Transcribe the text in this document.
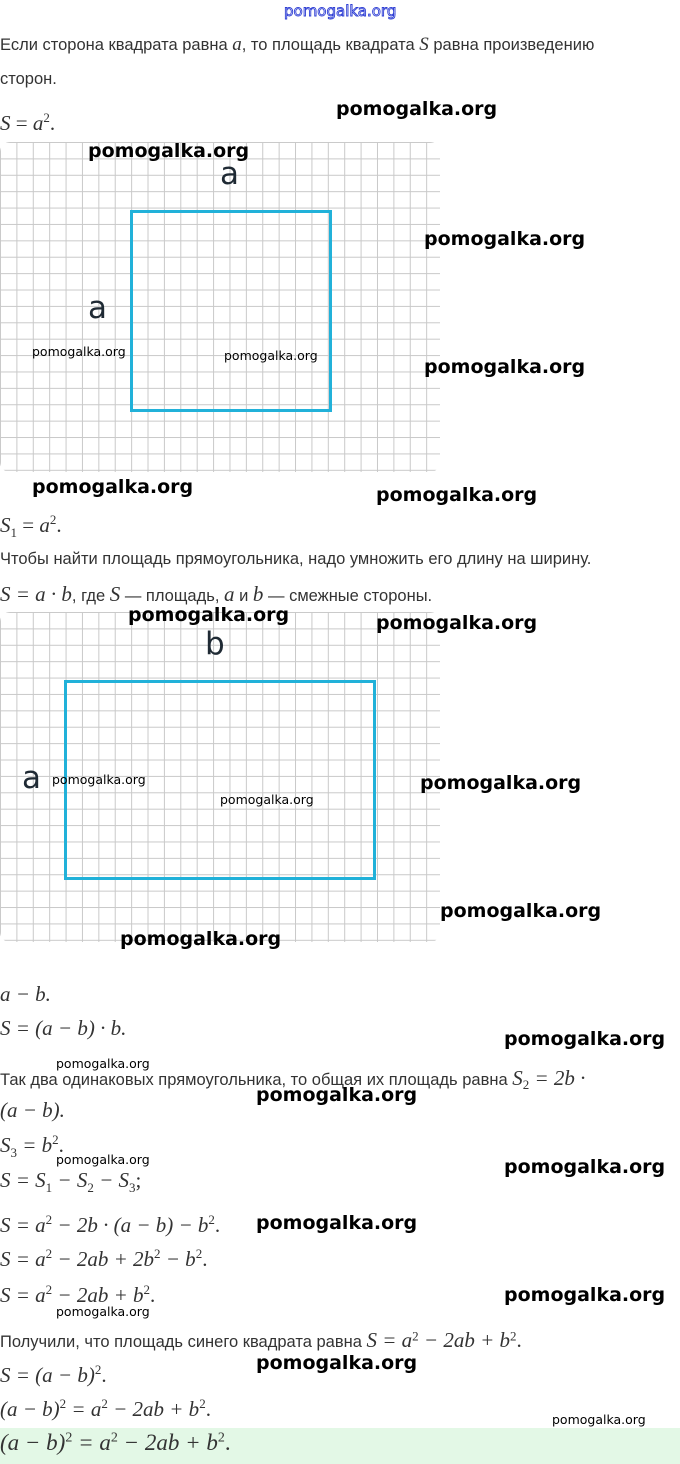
pomogalka.org
Если сторона квадрата равна a, то площадь квадрата S равна произведению
сторон.
$S = a^2$.
a
a
$S_1 = a^2$.
Чтобы найти площадь прямоугольника, надо умножить его длину на ширину.
S = a · b, где S — площадь, a и b — смежные стороны.
b
a
a − b.
S = (a − b) · b.
Так два одинаковых прямоугольника, то общая их площадь равна $S_2 = 2b$ ·
(a − b).
$S_3 = b^2$.
$S = S_1 - S_2 - S_3$;
$S = a^2 - 2b \cdot (a - b) - b^2$.
$S = a^2 - 2ab + 2b^2 - b^2$.
$S = a^2 - 2ab + b^2$.
Получили, что площадь синего квадрата равна $S = a^2 - 2ab + b^2$.
$S = (a - b)^2$.
$(a - b)^2 = a^2 - 2ab + b^2$.
$(a - b)^2 = a^2 - 2ab + b^2$.
pomogalka.org
pomogalka.org
pomogalka.org
pomogalka.org	pomogalka.org
pomogalka.org
pomogalka.org	pomogalka.org
pomogalka.org	pomogalka.org
pomogalka.org	pomogalka.org
pomogalka.org
pomogalka.org
pomogalka.org
pomogalka.org
pomogalka.org
pomogalka.org
pomogalka.org	pomogalka.org
pomogalka.org
pomogalka.org
pomogalka.org
pomogalka.org
pomogalka.org
